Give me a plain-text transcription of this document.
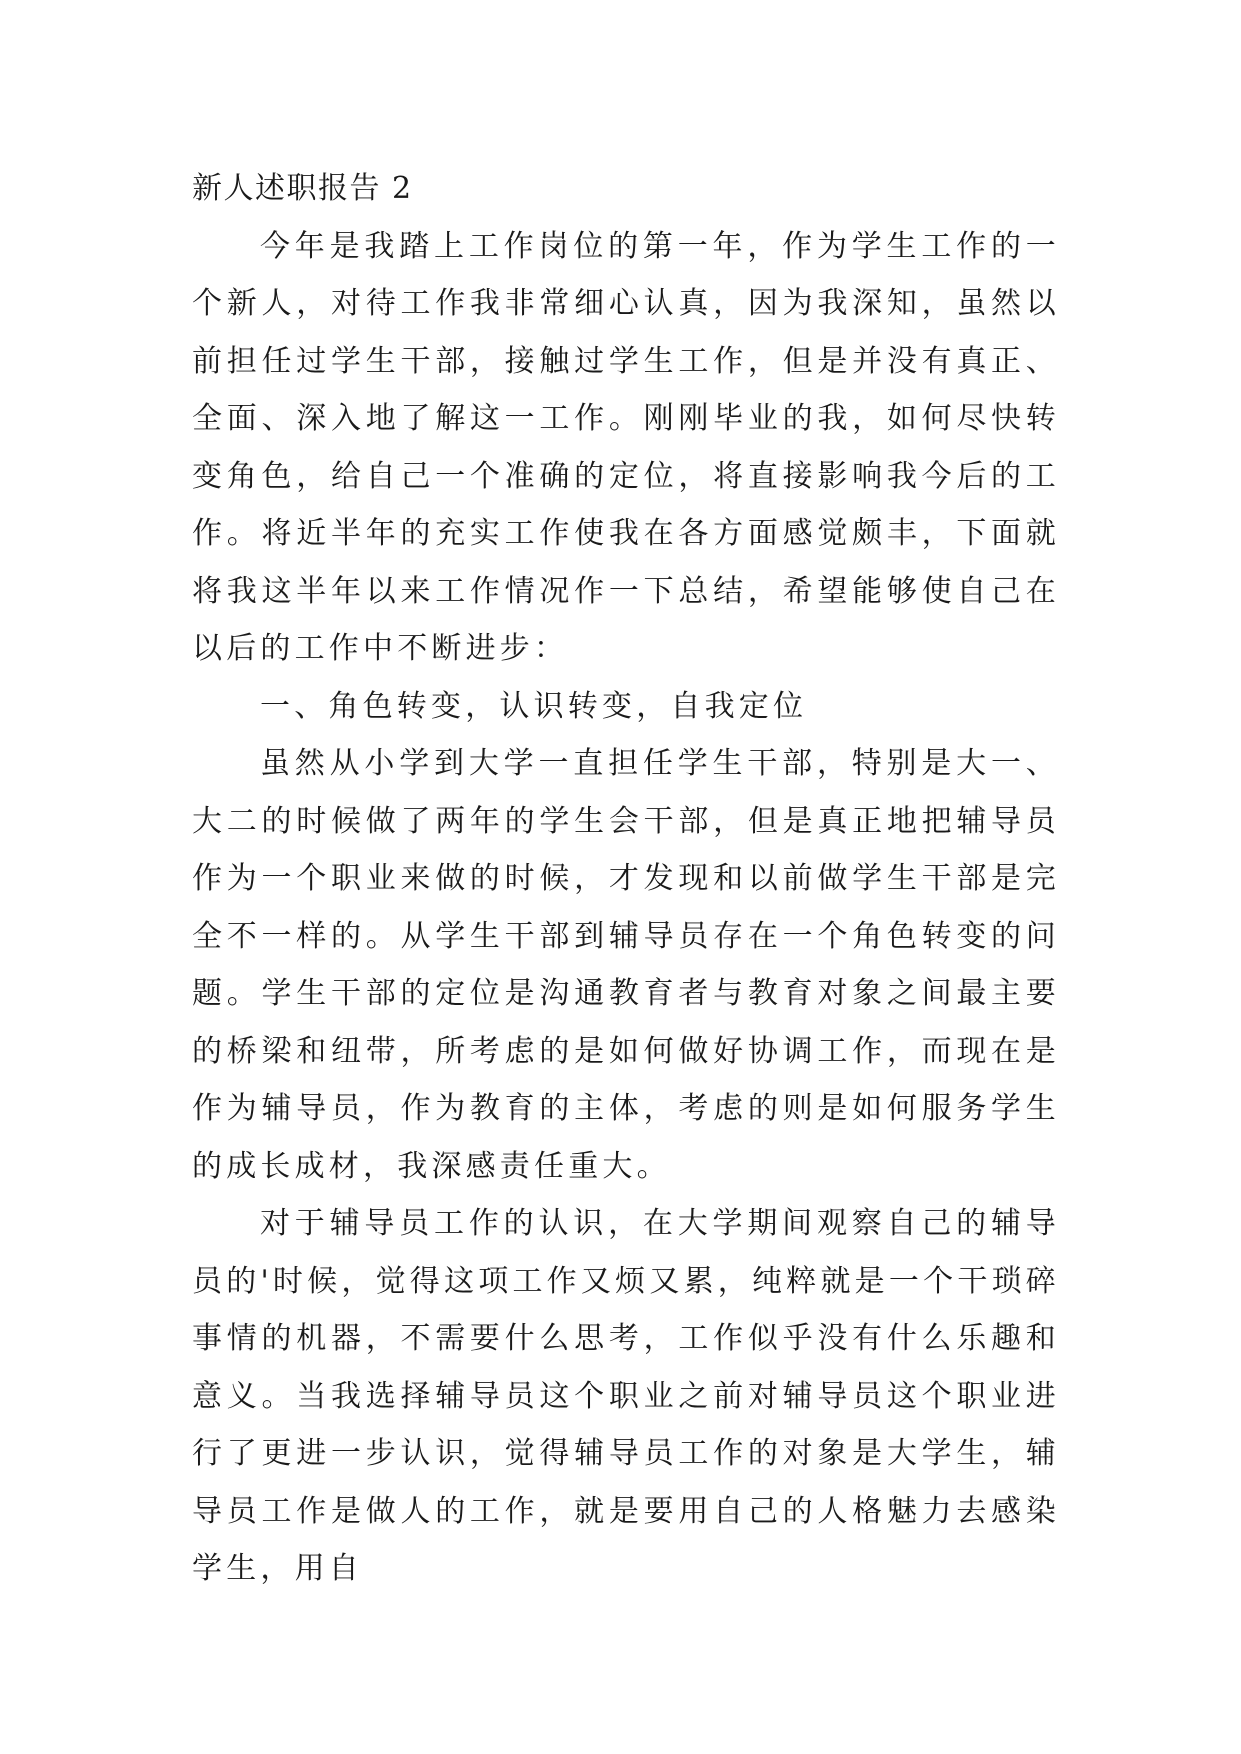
新人述职报告 2

今年是我踏上工作岗位的第一年，作为学生工作的一个新人，对待工作我非常细心认真，因为我深知，虽然以前担任过学生干部，接触过学生工作，但是并没有真正、全面、深入地了解这一工作。刚刚毕业的我，如何尽快转变角色，给自己一个准确的定位，将直接影响我今后的工作。将近半年的充实工作使我在各方面感觉颇丰，下面就将我这半年以来工作情况作一下总结，希望能够使自己在以后的工作中不断进步：

一、角色转变，认识转变，自我定位

虽然从小学到大学一直担任学生干部，特别是大一、大二的时候做了两年的学生会干部，但是真正地把辅导员作为一个职业来做的时候，才发现和以前做学生干部是完全不一样的。从学生干部到辅导员存在一个角色转变的问题。学生干部的定位是沟通教育者与教育对象之间最主要的桥梁和纽带，所考虑的是如何做好协调工作，而现在是作为辅导员，作为教育的主体，考虑的则是如何服务学生的成长成材，我深感责任重大。

对于辅导员工作的认识，在大学期间观察自己的辅导员的'时候，觉得这项工作又烦又累，纯粹就是一个干琐碎事情的机器，不需要什么思考，工作似乎没有什么乐趣和意义。当我选择辅导员这个职业之前对辅导员这个职业进行了更进一步认识，觉得辅导员工作的对象是大学生，辅导员工作是做人的工作，就是要用自己的人格魅力去感染学生，用自
